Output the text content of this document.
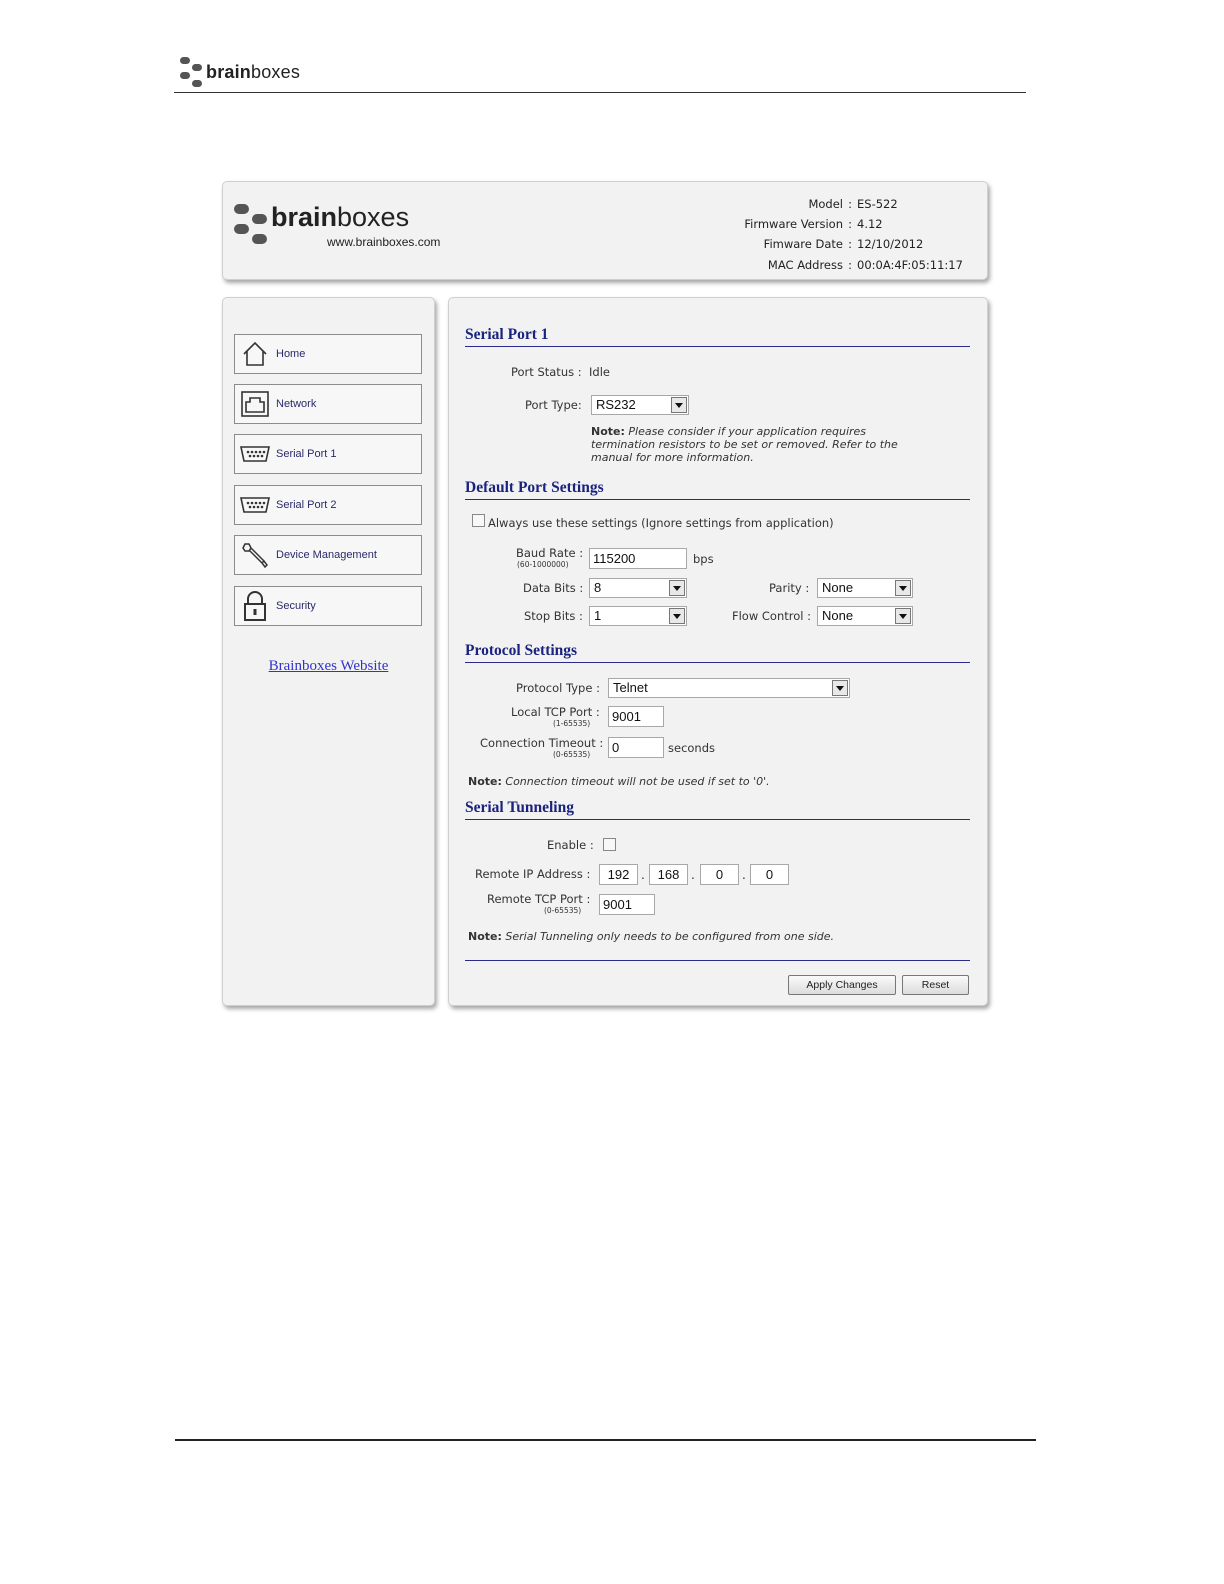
brainboxes
brainboxes
www.brainboxes.com
Model : ES-522
Firmware Version : 4.12
Fimware Date : 12/10/2012
MAC Address : 00:0A:4F:05:11:17
Home
Network
Serial Port 1
Serial Port 2
Device Management
Security
Brainboxes Website
Serial Port 1
Port Status : Idle
Port Type:	RS232
Note: Please consider if your application requires
termination resistors to be set or removed. Refer to the
manual for more information.
Default Port Settings
Always use these settings (Ignore settings from application)
Baud Rate :
(60-1000000)	115200	bps
Data Bits : 8	Parity : None
Stop Bits : 1	Flow Control : None
Protocol Settings
Protocol Type :	Telnet
Local TCP Port :
(1-65535)	9001
Connection Timeout :
(0-65535)	0	seconds
Note: Connection timeout will not be used if set to '0'.
Serial Tunneling
Enable :
Remote IP Address :	192 . 168 .	0	.	0
Remote TCP Port :
(0-65535)	9001
Note: Serial Tunneling only needs to be configured from one side.
Apply Changes	Reset
